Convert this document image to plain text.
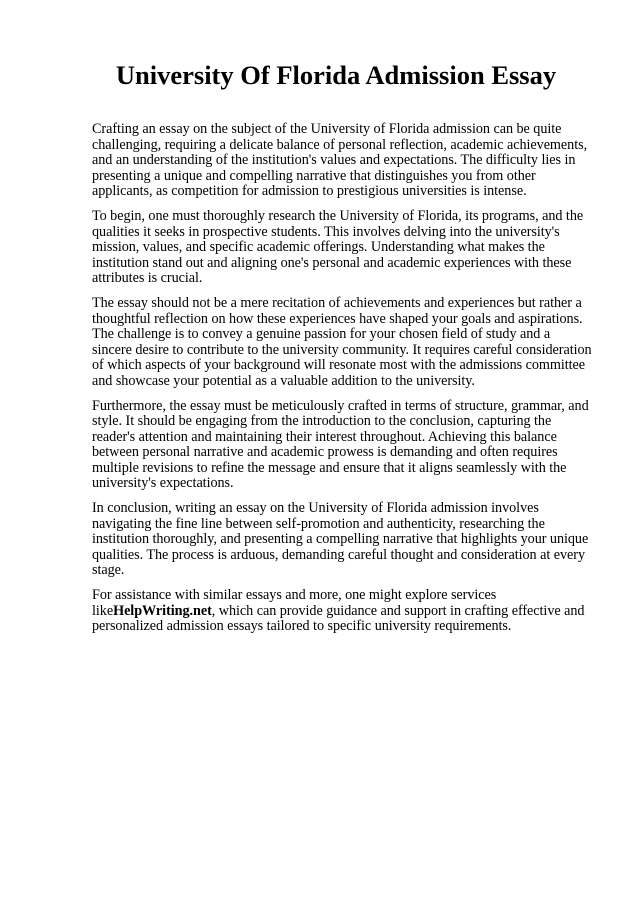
University Of Florida Admission Essay

Crafting an essay on the subject of the University of Florida admission can be quite challenging, requiring a delicate balance of personal reflection, academic achievements, and an understanding of the institution's values and expectations. The difficulty lies in presenting a unique and compelling narrative that distinguishes you from other applicants, as competition for admission to prestigious universities is intense.

To begin, one must thoroughly research the University of Florida, its programs, and the qualities it seeks in prospective students. This involves delving into the university's mission, values, and specific academic offerings. Understanding what makes the institution stand out and aligning one's personal and academic experiences with these attributes is crucial.

The essay should not be a mere recitation of achievements and experiences but rather a thoughtful reflection on how these experiences have shaped your goals and aspirations. The challenge is to convey a genuine passion for your chosen field of study and a sincere desire to contribute to the university community. It requires careful consideration of which aspects of your background will resonate most with the admissions committee and showcase your potential as a valuable addition to the university.

Furthermore, the essay must be meticulously crafted in terms of structure, grammar, and style. It should be engaging from the introduction to the conclusion, capturing the reader's attention and maintaining their interest throughout. Achieving this balance between personal narrative and academic prowess is demanding and often requires multiple revisions to refine the message and ensure that it aligns seamlessly with the university's expectations.

In conclusion, writing an essay on the University of Florida admission involves navigating the fine line between self-promotion and authenticity, researching the institution thoroughly, and presenting a compelling narrative that highlights your unique qualities. The process is arduous, demanding careful thought and consideration at every stage.

For assistance with similar essays and more, one might explore services likeHelpWriting.net, which can provide guidance and support in crafting effective and personalized admission essays tailored to specific university requirements.
